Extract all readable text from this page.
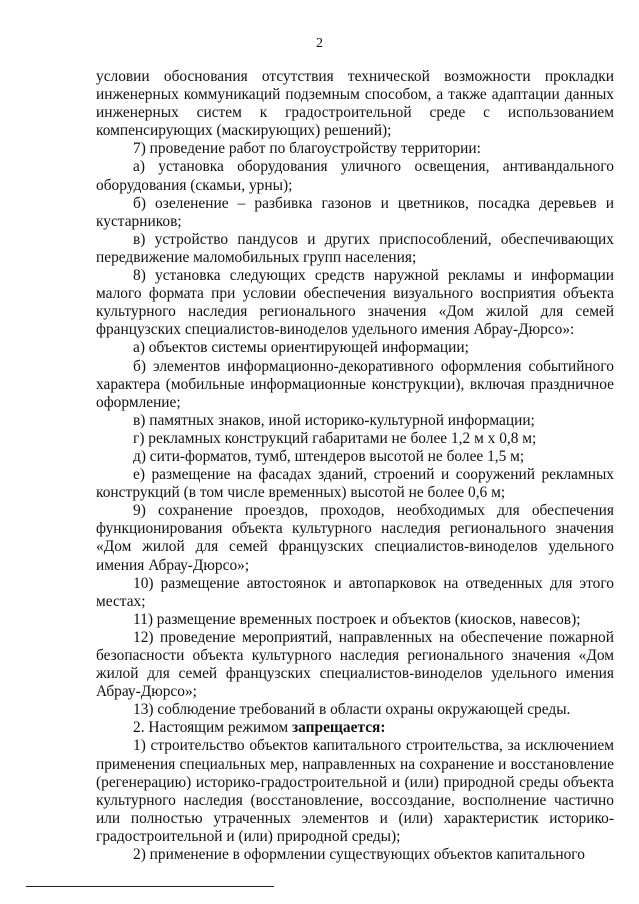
2

условии обоснования отсутствия технической возможности прокладки инженерных коммуникаций подземным способом, а также адаптации данных инженерных систем к градостроительной среде с использованием компенсирующих (маскирующих) решений);

7) проведение работ по благоустройству территории:

а) установка оборудования уличного освещения, антивандального оборудования (скамьи, урны);

б) озеленение – разбивка газонов и цветников, посадка деревьев и кустарников;

в) устройство пандусов и других приспособлений, обеспечивающих передвижение маломобильных групп населения;

8) установка следующих средств наружной рекламы и информации малого формата при условии обеспечения визуального восприятия объекта культурного наследия регионального значения «Дом жилой для семей французских специалистов-виноделов удельного имения Абрау-Дюрсо»:

а) объектов системы ориентирующей информации;

б) элементов информационно-декоративного оформления событийного характера (мобильные информационные конструкции), включая праздничное оформление;

в) памятных знаков, иной историко-культурной информации;

г) рекламных конструкций габаритами не более 1,2 м х 0,8 м;

д) сити-форматов, тумб, штендеров высотой не более 1,5 м;

е) размещение на фасадах зданий, строений и сооружений рекламных конструкций (в том числе временных) высотой не более 0,6 м;

9) сохранение проездов, проходов, необходимых для обеспечения функционирования объекта культурного наследия регионального значения «Дом жилой для семей французских специалистов-виноделов удельного имения Абрау-Дюрсо»;

10) размещение автостоянок и автопарковок на отведенных для этого местах;

11) размещение временных построек и объектов (киосков, навесов);

12) проведение мероприятий, направленных на обеспечение пожарной безопасности объекта культурного наследия регионального значения «Дом жилой для семей французских специалистов-виноделов удельного имения Абрау-Дюрсо»;

13) соблюдение требований в области охраны окружающей среды.

2. Настоящим режимом запрещается:

1) строительство объектов капитального строительства, за исключением применения специальных мер, направленных на сохранение и восстановление (регенерацию) историко-градостроительной и (или) природной среды объекта культурного наследия (восстановление, воссоздание, восполнение частично или полностью утраченных элементов и (или) характеристик историко-градостроительной и (или) природной среды);

2) применение в оформлении существующих объектов капитального
